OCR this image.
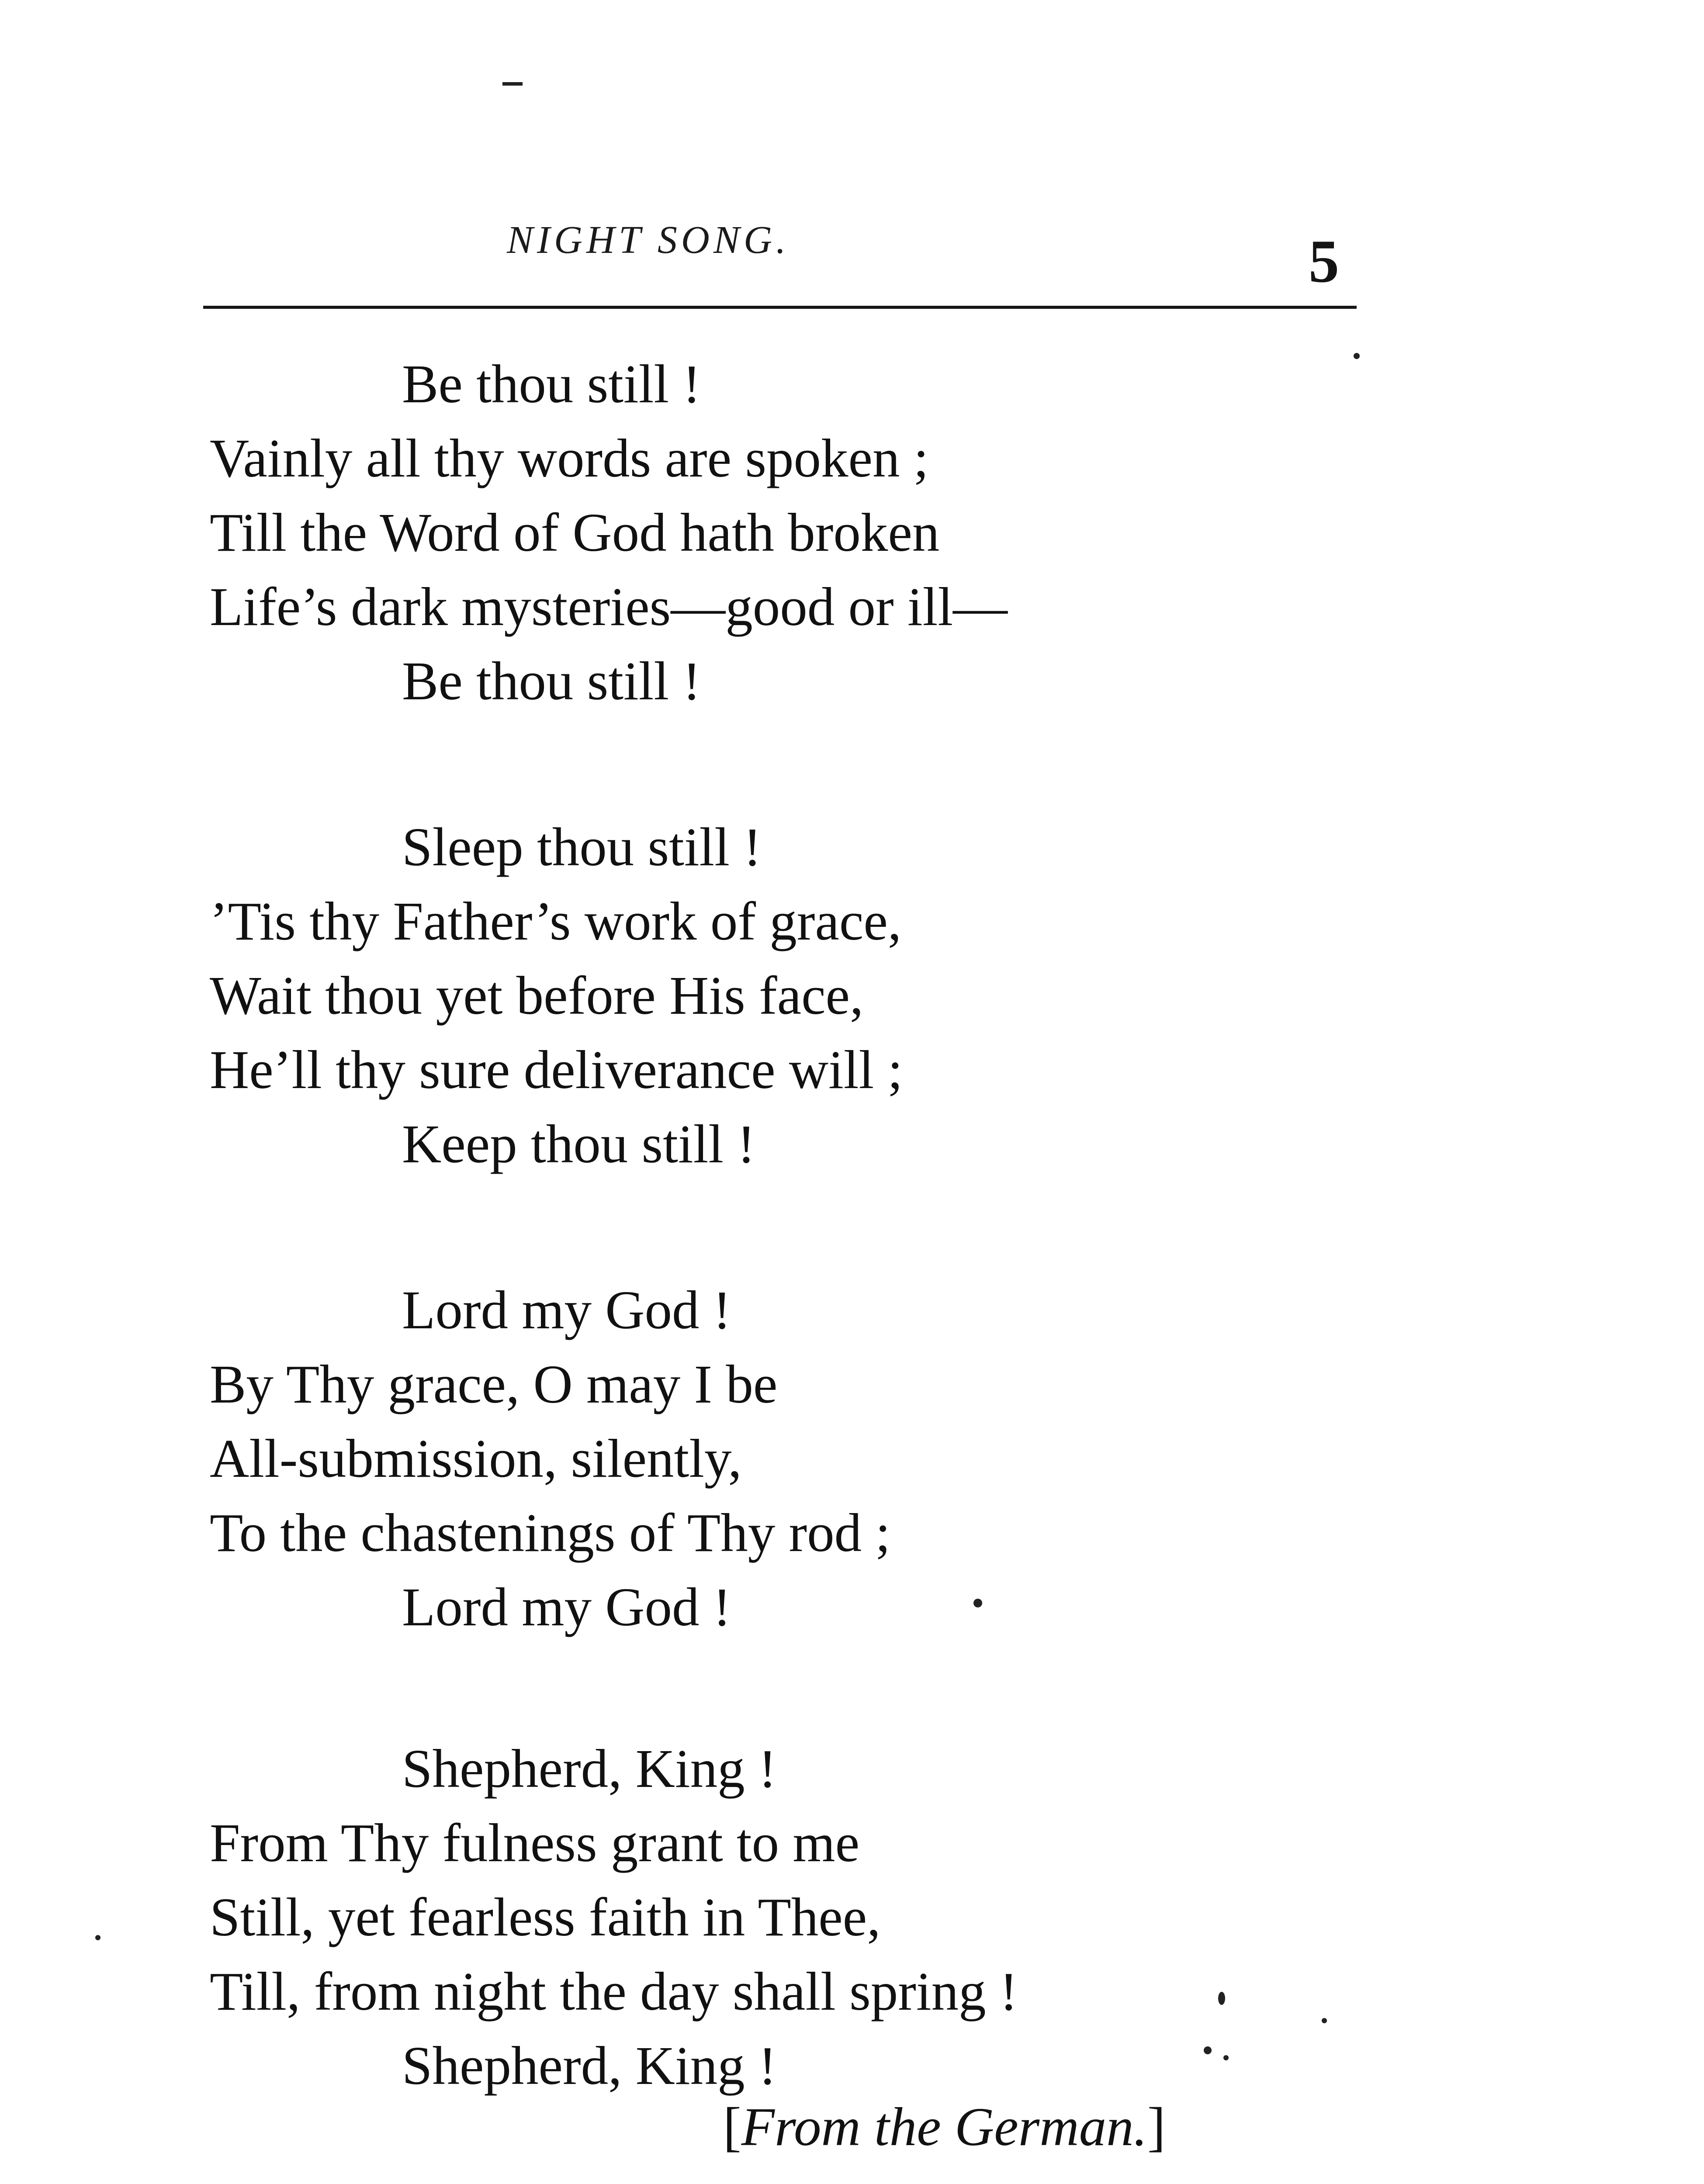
NIGHT SONG.	5
Be thou still !
Vainly all thy words are spoken ;
Till the Word of God hath broken
Life’s dark mysteries—good or ill—
Be thou still !
Sleep thou still !
’Tis thy Father’s work of grace,
Wait thou yet before His face,
He’ll thy sure deliverance will ;
Keep thou still !
Lord my God !
By Thy grace, O may I be
All-submission, silently,
To the chastenings of Thy rod ;
Lord my God !
Shepherd, King !
From Thy fulness grant to me
Still, yet fearless faith in Thee,
Till, from night the day shall spring !
Shepherd, King !
[From the German.]
